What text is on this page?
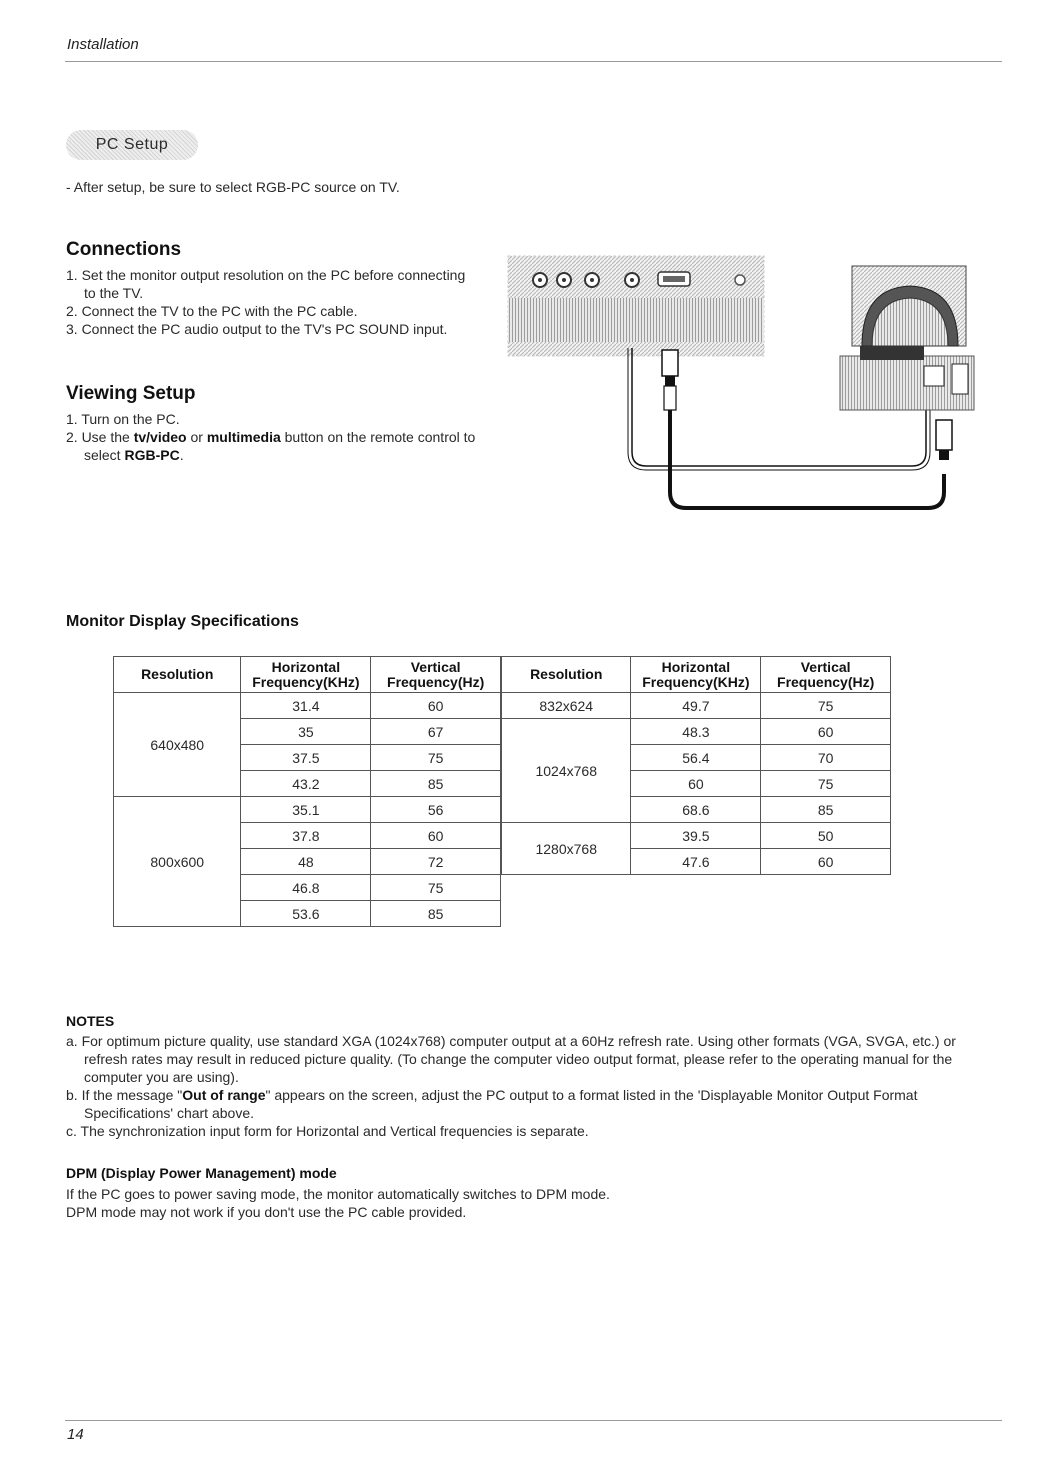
Installation
PC Setup
- After setup, be sure to select RGB-PC source on TV.
Connections
1. Set the monitor output resolution on the PC before connecting to the TV.
2. Connect the TV to the PC with the PC cable.
3. Connect the PC audio output to the TV's PC SOUND input.
Viewing Setup
1. Turn on the PC.
2. Use the tv/video or multimedia button on the remote control to select RGB-PC.
Monitor Display Specifications
Resolution	Horizontal Frequency(KHz)	Vertical Frequency(Hz)
640x480	31.4	60
	35	67
	37.5	75
	43.2	85
800x600	35.1	56
	37.8	60
	48	72
	46.8	75
	53.6	85
Resolution	Horizontal Frequency(KHz)	Vertical Frequency(Hz)
832x624	49.7	75
1024x768	48.3	60
	56.4	70
	60	75
	68.6	85
1280x768	39.5	50
	47.6	60
NOTES
a. For optimum picture quality, use standard XGA (1024x768) computer output at a 60Hz refresh rate. Using other formats (VGA, SVGA, etc.) or refresh rates may result in reduced picture quality. (To change the computer video output format, please refer to the operating manual for the computer you are using).
b. If the message "Out of range" appears on the screen, adjust the PC output to a format listed in the 'Displayable Monitor Output Format Specifications' chart above.
c. The synchronization input form for Horizontal and Vertical frequencies is separate.
DPM (Display Power Management) mode
If the PC goes to power saving mode, the monitor automatically switches to DPM mode.
DPM mode may not work if you don't use the PC cable provided.
14
